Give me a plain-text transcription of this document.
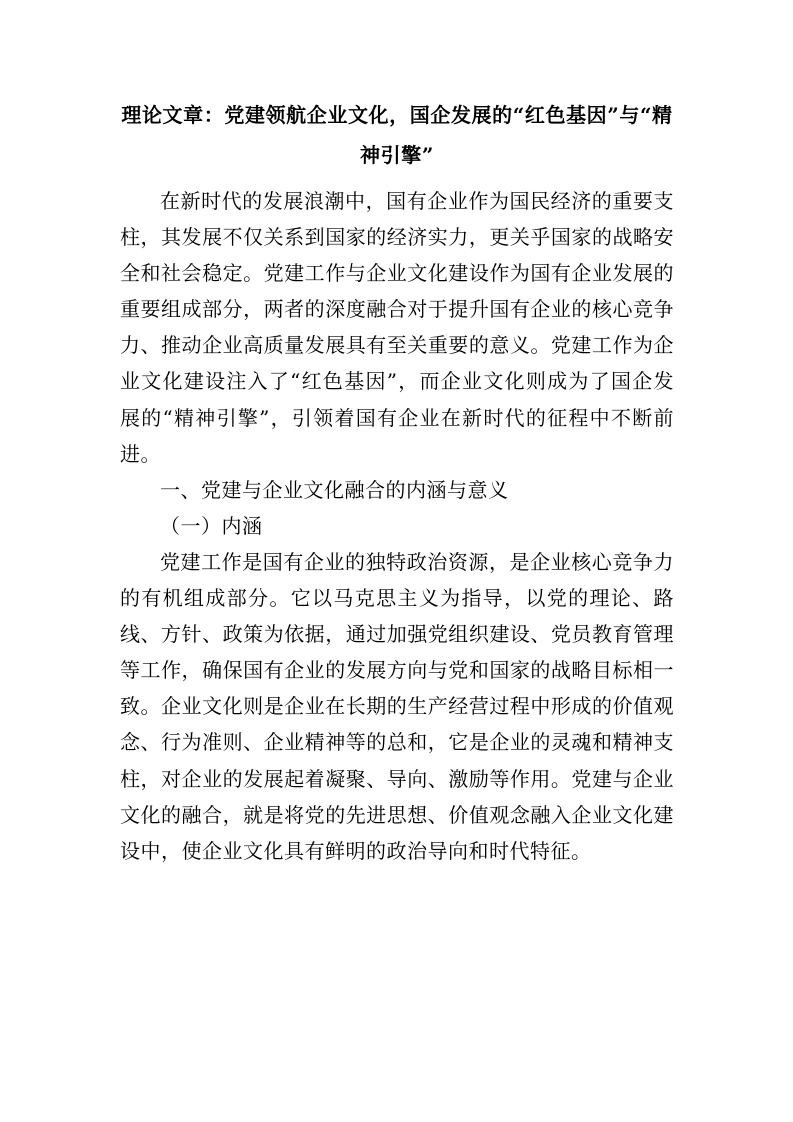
理论文章：党建领航企业文化，国企发展的“红色基因”与“精神引擎”

在新时代的发展浪潮中，国有企业作为国民经济的重要支柱，其发展不仅关系到国家的经济实力，更关乎国家的战略安全和社会稳定。党建工作与企业文化建设作为国有企业发展的重要组成部分，两者的深度融合对于提升国有企业的核心竞争力、推动企业高质量发展具有至关重要的意义。党建工作为企业文化建设注入了“红色基因”，而企业文化则成为了国企发展的“精神引擎”，引领着国有企业在新时代的征程中不断前进。

一、党建与企业文化融合的内涵与意义

（一）内涵

党建工作是国有企业的独特政治资源，是企业核心竞争力的有机组成部分。它以马克思主义为指导，以党的理论、路线、方针、政策为依据，通过加强党组织建设、党员教育管理等工作，确保国有企业的发展方向与党和国家的战略目标相一致。企业文化则是企业在长期的生产经营过程中形成的价值观念、行为准则、企业精神等的总和，它是企业的灵魂和精神支柱，对企业的发展起着凝聚、导向、激励等作用。党建与企业文化的融合，就是将党的先进思想、价值观念融入企业文化建设中，使企业文化具有鲜明的政治导向和时代特征。
